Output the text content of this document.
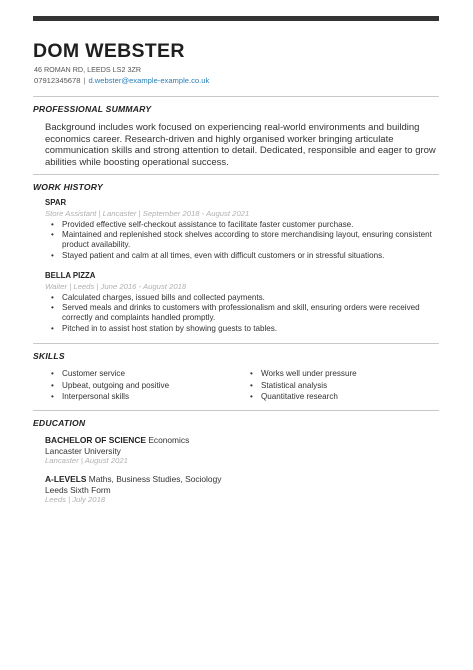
DOM WEBSTER
46 ROMAN RD, LEEDS LS2 3ZR
07912345678 | d.webster@example-example.co.uk
PROFESSIONAL SUMMARY
Background includes work focused on experiencing real-world environments and building economics career. Research-driven and highly organised worker bringing articulate communication skills and strong attention to detail. Dedicated, responsible and eager to grow abilities while boosting operational success.
WORK HISTORY
SPAR
Store Assistant | Lancaster | September 2018 - August 2021
• Provided effective self-checkout assistance to facilitate faster customer purchase.
• Maintained and replenished stock shelves according to store merchandising layout, ensuring consistent product availability.
• Stayed patient and calm at all times, even with difficult customers or in stressful situations.
BELLA PIZZA
Waiter | Leeds | June 2016 - August 2018
• Calculated charges, issued bills and collected payments.
• Served meals and drinks to customers with professionalism and skill, ensuring orders were received correctly and complaints handled promptly.
• Pitched in to assist host station by showing guests to tables.
SKILLS
• Customer service
• Upbeat, outgoing and positive
• Interpersonal skills
• Works well under pressure
• Statistical analysis
• Quantitative research
EDUCATION
BACHELOR OF SCIENCE Economics
Lancaster University
Lancaster | August 2021
A-LEVELS Maths, Business Studies, Sociology
Leeds Sixth Form
Leeds | July 2018
